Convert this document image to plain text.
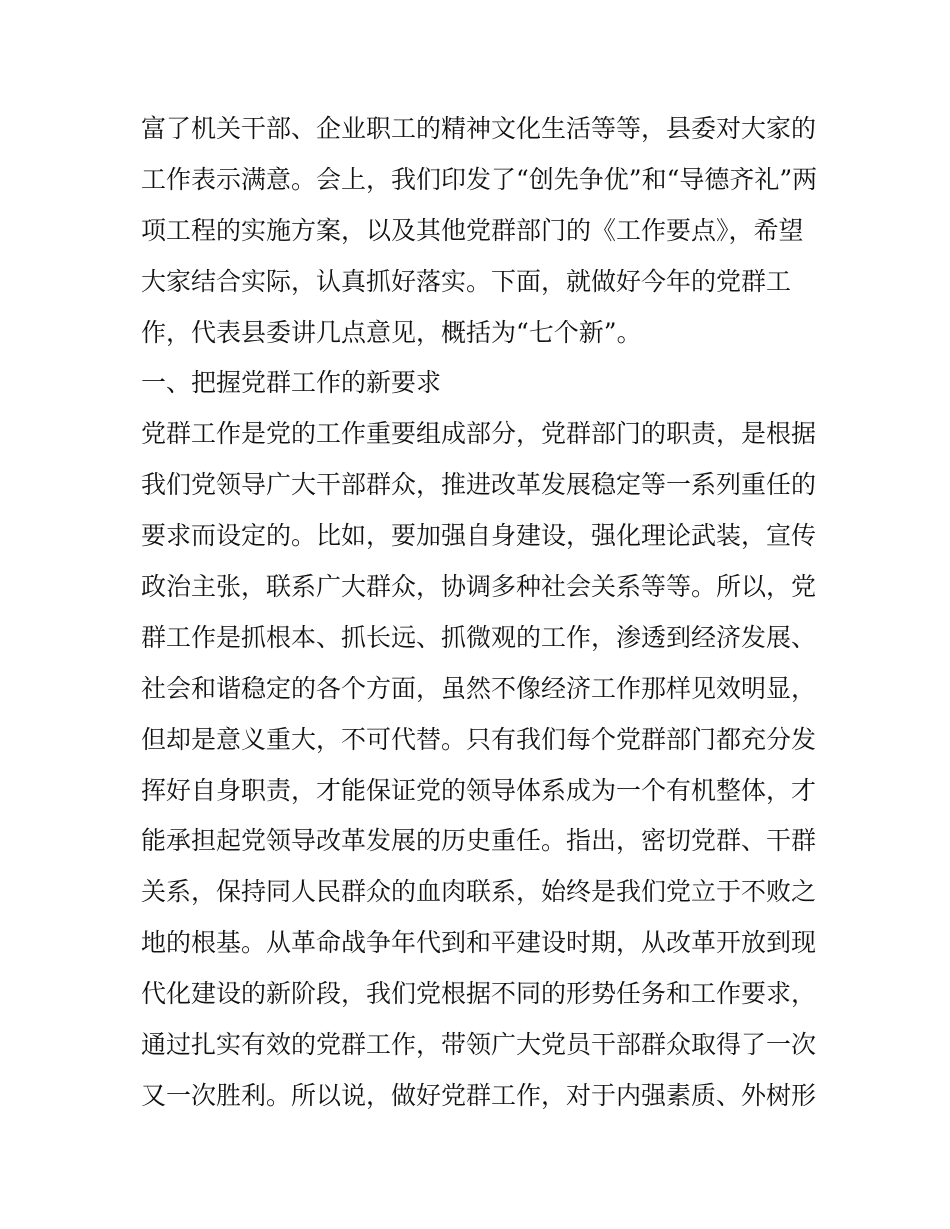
富了机关干部、企业职工的精神文化生活等等，县委对大家的
工作表示满意。会上，我们印发了“创先争优”和“导德齐礼”两
项工程的实施方案，以及其他党群部门的《工作要点》，希望
大家结合实际，认真抓好落实。下面，就做好今年的党群工
作，代表县委讲几点意见，概括为“七个新”。
一、把握党群工作的新要求
党群工作是党的工作重要组成部分，党群部门的职责，是根据
我们党领导广大干部群众，推进改革发展稳定等一系列重任的
要求而设定的。比如，要加强自身建设，强化理论武装，宣传
政治主张，联系广大群众，协调多种社会关系等等。所以，党
群工作是抓根本、抓长远、抓微观的工作，渗透到经济发展、
社会和谐稳定的各个方面，虽然不像经济工作那样见效明显，
但却是意义重大，不可代替。只有我们每个党群部门都充分发
挥好自身职责，才能保证党的领导体系成为一个有机整体，才
能承担起党领导改革发展的历史重任。指出，密切党群、干群
关系，保持同人民群众的血肉联系，始终是我们党立于不败之
地的根基。从革命战争年代到和平建设时期，从改革开放到现
代化建设的新阶段，我们党根据不同的形势任务和工作要求，
通过扎实有效的党群工作，带领广大党员干部群众取得了一次
又一次胜利。所以说，做好党群工作，对于内强素质、外树形
